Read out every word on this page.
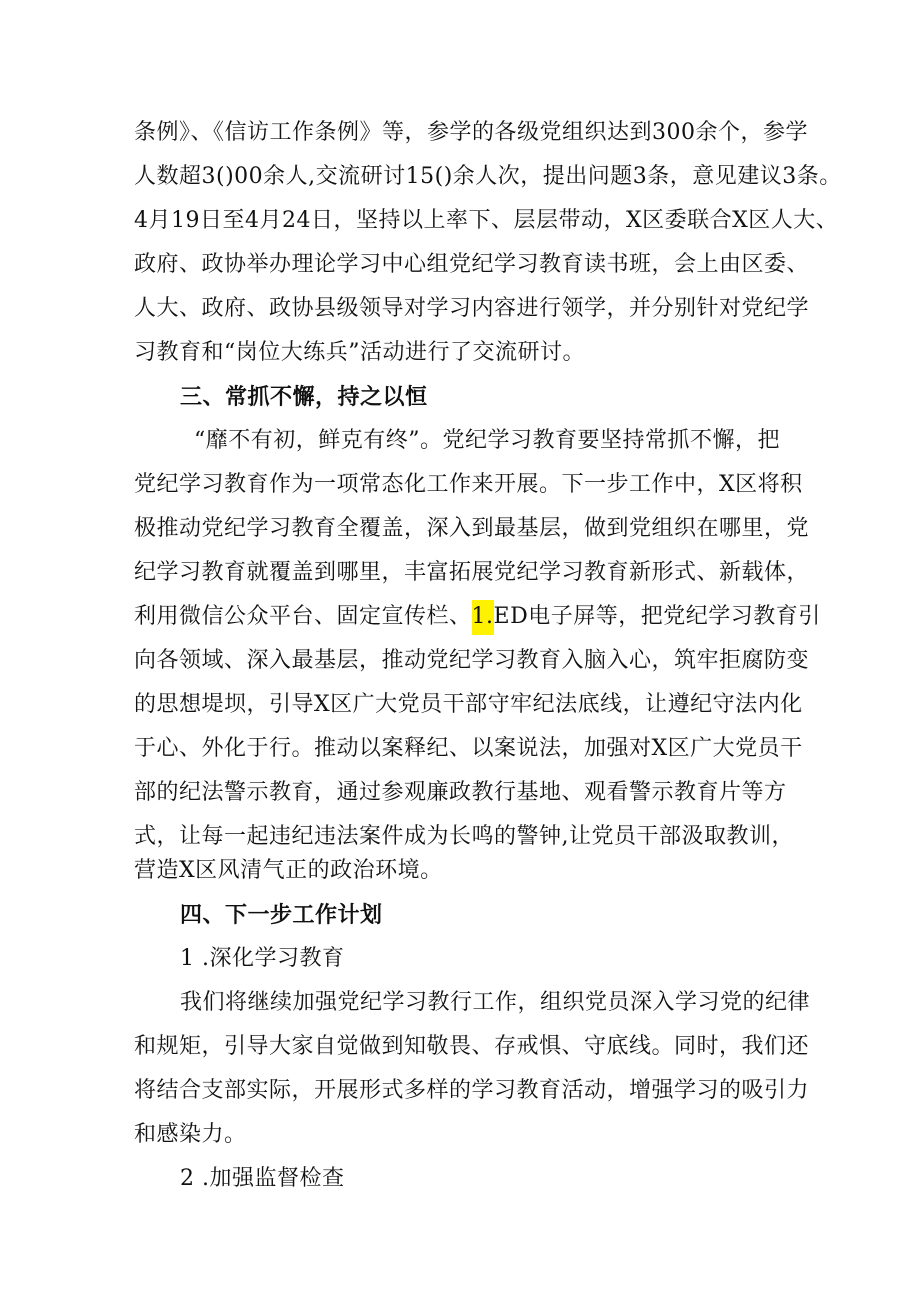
条例》、《信访工作条例》等，参学的各级党组织达到300余个，参学
人数超3()00余人,交流研讨15()余人次，提出问题3条，意见建议3条。
4月19日至4月24日，坚持以上率下、层层带动，X区委联合X区人大、
政府、政协举办理论学习中心组党纪学习教育读书班，会上由区委、
人大、政府、政协县级领导对学习内容进行领学，并分别针对党纪学
习教育和“岗位大练兵”活动进行了交流研讨。
三、常抓不懈，持之以恒
“靡不有初，鲜克有终”。党纪学习教育要坚持常抓不懈，把
党纪学习教育作为一项常态化工作来开展。下一步工作中，X区将积
极推动党纪学习教育全覆盖，深入到最基层，做到党组织在哪里，党
纪学习教育就覆盖到哪里，丰富拓展党纪学习教育新形式、新载体，
利用微信公众平台、固定宣传栏、1.ED电子屏等，把党纪学习教育引
向各领域、深入最基层，推动党纪学习教育入脑入心，筑牢拒腐防变
的思想堤坝，引导X区广大党员干部守牢纪法底线，让遵纪守法内化
于心、外化于行。推动以案释纪、以案说法，加强对X区广大党员干
部的纪法警示教育，通过参观廉政教行基地、观看警示教育片等方
式，让每一起违纪违法案件成为长鸣的警钟,让党员干部汲取教训，
营造X区风清气正的政治环境。
四、下一步工作计划
1 .深化学习教育
我们将继续加强党纪学习教行工作，组织党员深入学习党的纪律
和规矩，引导大家自觉做到知敬畏、存戒惧、守底线。同时，我们还
将结合支部实际，开展形式多样的学习教育活动，增强学习的吸引力
和感染力。
2 .加强监督检查
